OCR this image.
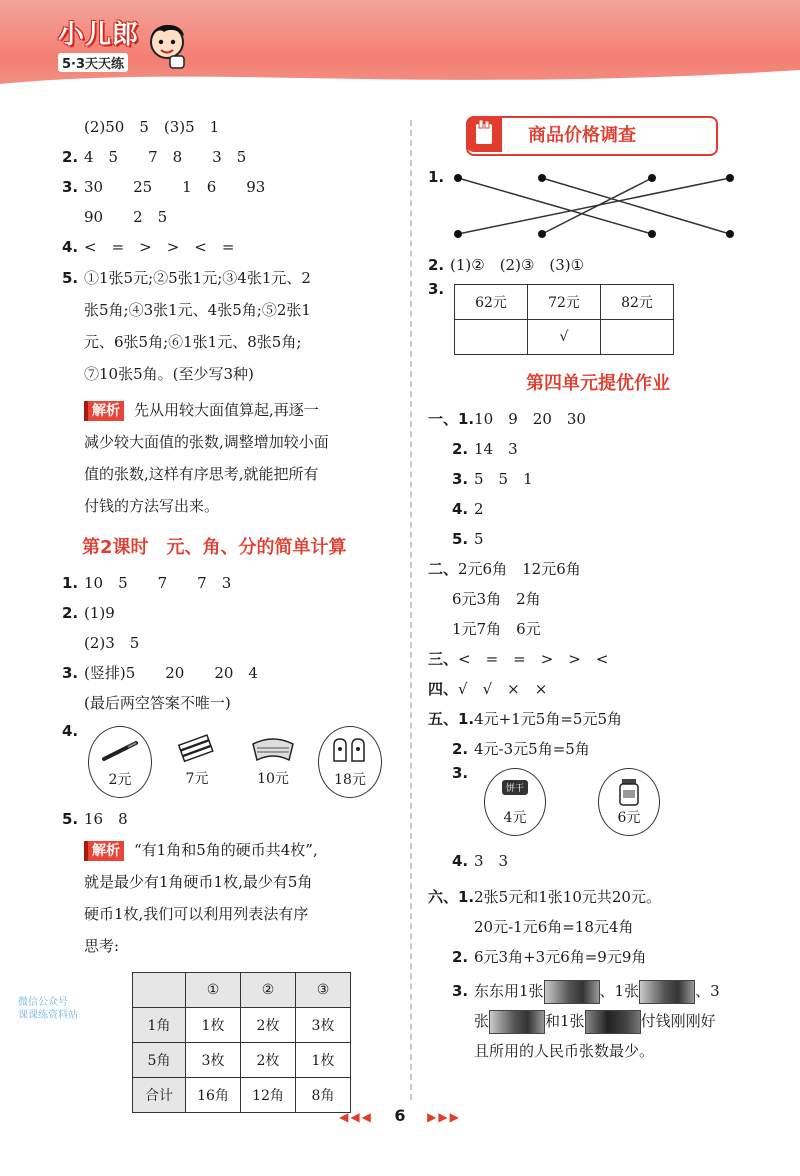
小儿郎
5·3天天练
(2)50　5　(3)5　1
2. 4　5　　7　8　　3　5
3. 30　　25　　1　6　　93
90　　2　5
4. <　=　>　>　<　=
5. ①1张5元;②5张1元;③4张1元、2
张5角;④3张1元、4张5角;⑤2张1
元、6张5角;⑥1张1元、8张5角;
⑦10张5角。(至少写3种)
解析 先从用较大面值算起,再逐一
减少较大面值的张数,调整增加较小面
值的张数,这样有序思考,就能把所有
付钱的方法写出来。
第2课时　元、角、分的简单计算
1. 10　5　　7　　7　3
2. (1)9
(2)3　5
3. (竖排)5　　20　　20　4
(最后两空答案不唯一)
4.
2元	7元	10元	18元
5. 16　8
解析 “有1角和5角的硬币共4枚”,
就是最少有1角硬币1枚,最少有5角
硬币1枚,我们可以利用列表法有序
思考:
	①	②	③
1角	1枚	2枚	3枚
5角	3枚	2枚	1枚
合计	16角	12角	8角
商品价格调查
1.
2. (1)②　(2)③　(3)①
3.
62元	72元	82元
	√	
第四单元提优作业
一、1.10　9　20　30
2. 14　3
3. 5　5　1
4. 2
5. 5
二、2元6角　12元6角
6元3角　2角
1元7角　6元
三、<　=　=　>　>　<
四、√　√　×　×
五、1.4元+1元5角=5元5角
2. 4元-3元5角=5角
3.
饼干
4元	6元
4. 3　3
六、1.2张5元和1张10元共20元。
20元-1元6角=18元4角
2. 6元3角+3元6角=9元9角
3. 东东用1张	、1张	、3
张	和1张	付钱刚刚好
且所用的人民币张数最少。
微信公众号
课课练资料站
◀◀◀ 6 ▶▶▶
